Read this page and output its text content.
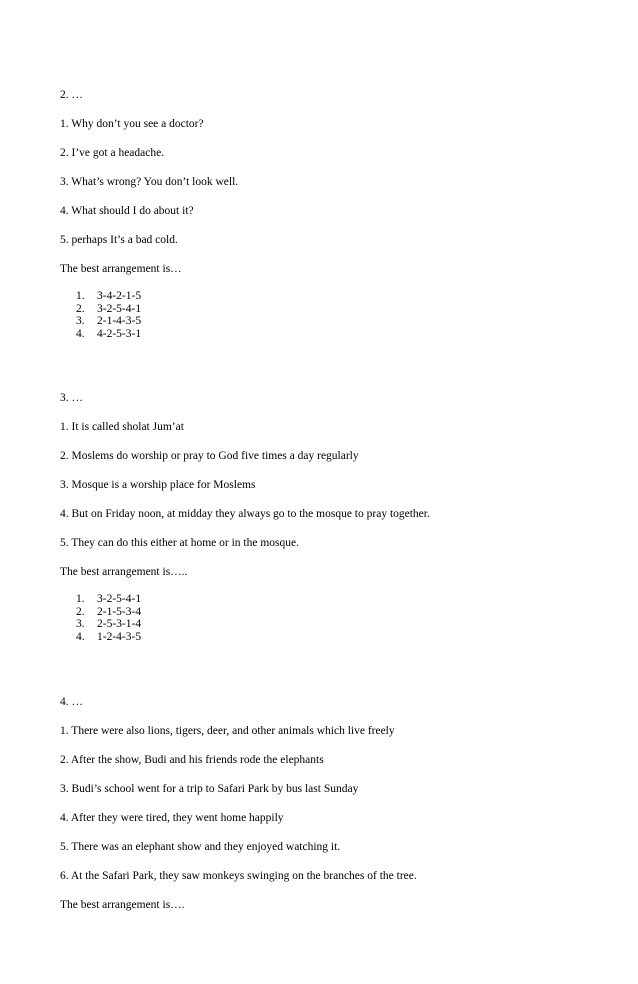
2. …
1. Why don’t you see a doctor?
2. I’ve got a headache.
3. What’s wrong? You don’t look well.
4. What should I do about it?
5. perhaps It’s a bad cold.
The best arrangement is…
1. 3-4-2-1-5
2. 3-2-5-4-1
3. 2-1-4-3-5
4. 4-2-5-3-1
3. …
1. It is called sholat Jum’at
2. Moslems do worship or pray to God five times a day regularly
3. Mosque is a worship place for Moslems
4. But on Friday noon, at midday they always go to the mosque to pray together.
5. They can do this either at home or in the mosque.
The best arrangement is…..
1. 3-2-5-4-1
2. 2-1-5-3-4
3. 2-5-3-1-4
4. 1-2-4-3-5
4. …
1. There were also lions, tigers, deer, and other animals which live freely
2. After the show, Budi and his friends rode the elephants
3. Budi’s school went for a trip to Safari Park by bus last Sunday
4. After they were tired, they went home happily
5. There was an elephant show and they enjoyed watching it.
6. At the Safari Park, they saw monkeys swinging on the branches of the tree.
The best arrangement is….
